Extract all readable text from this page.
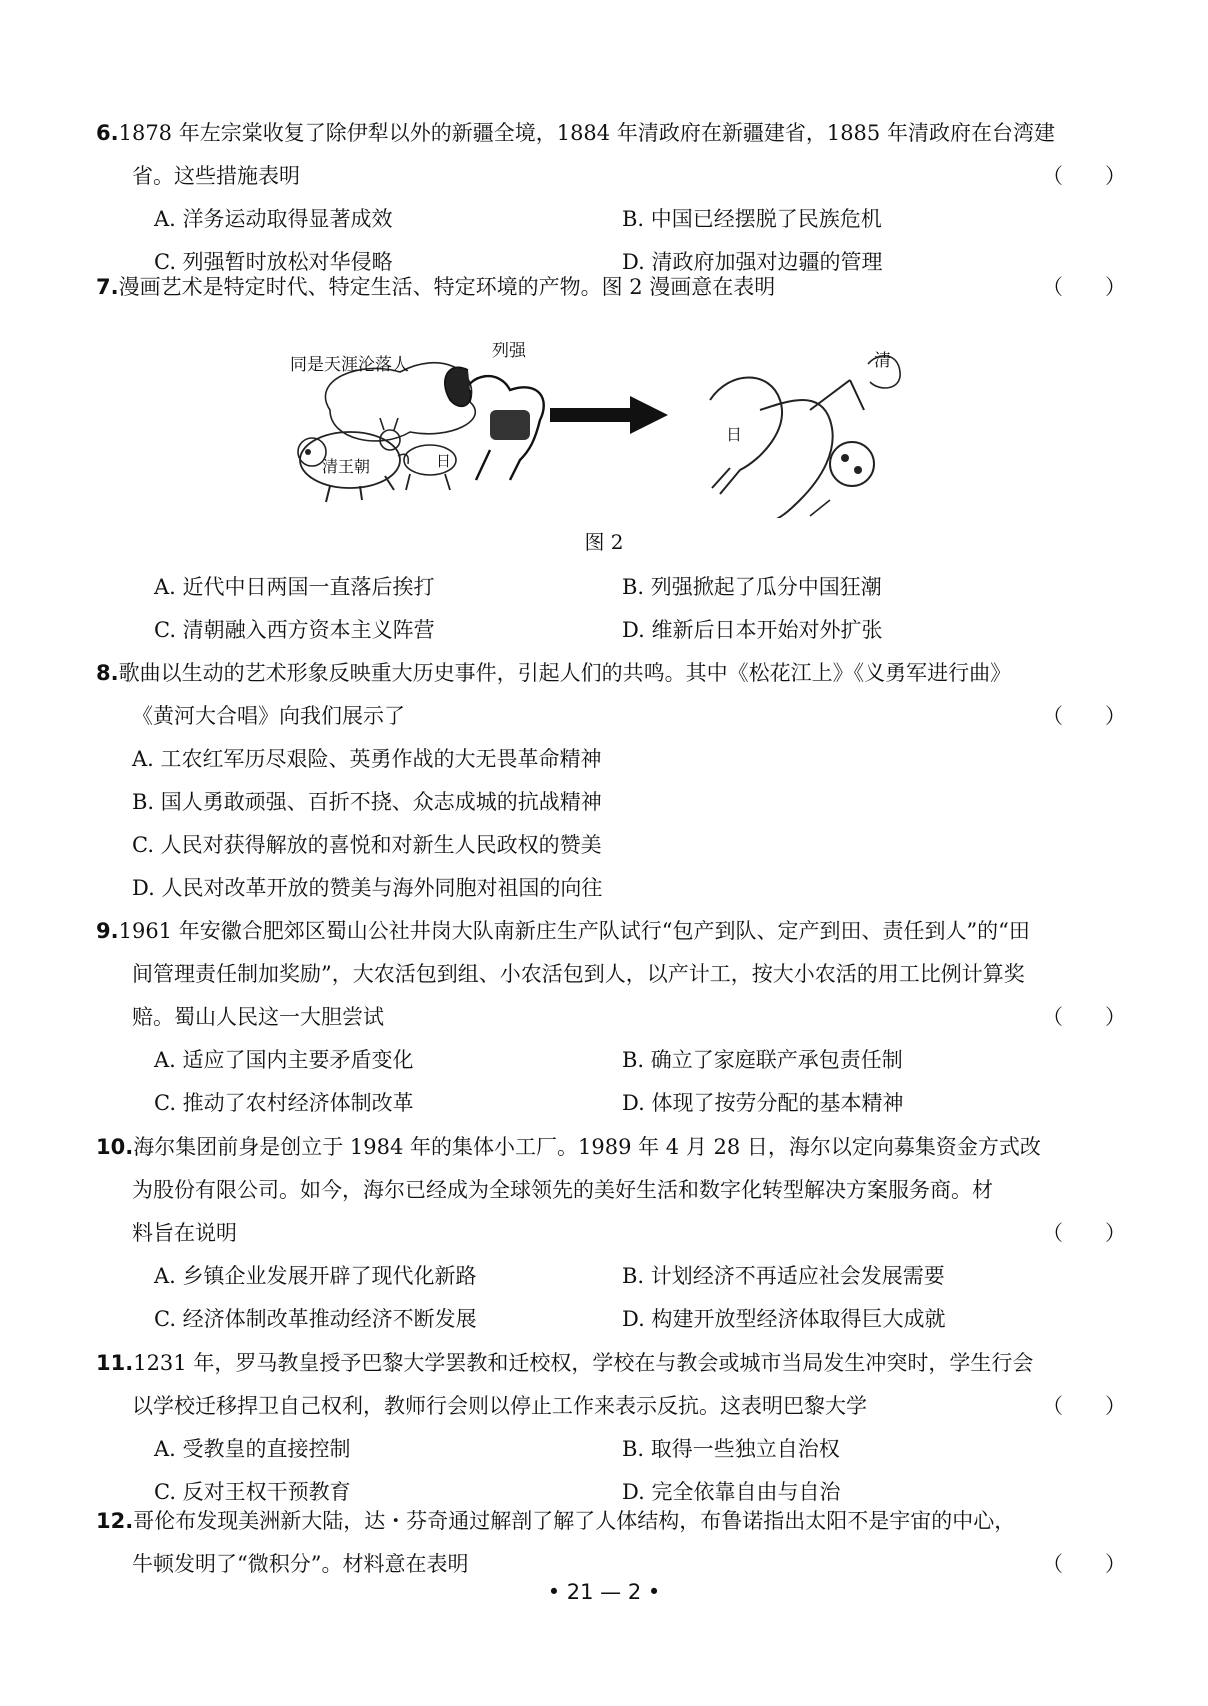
6.1878 年左宗棠收复了除伊犁以外的新疆全境，1884 年清政府在新疆建省，1885 年清政府在台湾建
省。这些措施表明	（　　）
A. 洋务运动取得显著成效	B. 中国已经摆脱了民族危机
C. 列强暂时放松对华侵略	D. 清政府加强对边疆的管理
7.漫画艺术是特定时代、特定生活、特定环境的产物。图 2 漫画意在表明	（　　）
同是天涯沦落人
清王朝	日
列强
日
清
图 2
A. 近代中日两国一直落后挨打	B. 列强掀起了瓜分中国狂潮
C. 清朝融入西方资本主义阵营	D. 维新后日本开始对外扩张
8.歌曲以生动的艺术形象反映重大历史事件，引起人们的共鸣。其中《松花江上》《义勇军进行曲》
《黄河大合唱》向我们展示了	（　　）
A. 工农红军历尽艰险、英勇作战的大无畏革命精神
B. 国人勇敢顽强、百折不挠、众志成城的抗战精神
C. 人民对获得解放的喜悦和对新生人民政权的赞美
D. 人民对改革开放的赞美与海外同胞对祖国的向往
9.1961 年安徽合肥郊区蜀山公社井岗大队南新庄生产队试行“包产到队、定产到田、责任到人”的“田
间管理责任制加奖励”，大农活包到组、小农活包到人，以产计工，按大小农活的用工比例计算奖
赔。蜀山人民这一大胆尝试	（　　）
A. 适应了国内主要矛盾变化	B. 确立了家庭联产承包责任制
C. 推动了农村经济体制改革	D. 体现了按劳分配的基本精神
10.海尔集团前身是创立于 1984 年的集体小工厂。1989 年 4 月 28 日，海尔以定向募集资金方式改
为股份有限公司。如今，海尔已经成为全球领先的美好生活和数字化转型解决方案服务商。材
料旨在说明	（　　）
A. 乡镇企业发展开辟了现代化新路	B. 计划经济不再适应社会发展需要
C. 经济体制改革推动经济不断发展	D. 构建开放型经济体取得巨大成就
11.1231 年，罗马教皇授予巴黎大学罢教和迁校权，学校在与教会或城市当局发生冲突时，学生行会
以学校迁移捍卫自己权利，教师行会则以停止工作来表示反抗。这表明巴黎大学	（　　）
A. 受教皇的直接控制	B. 取得一些独立自治权
C. 反对王权干预教育	D. 完全依靠自由与自治
12.哥伦布发现美洲新大陆，达・芬奇通过解剖了解了人体结构，布鲁诺指出太阳不是宇宙的中心，
牛顿发明了“微积分”。材料意在表明	（　　）
• 21 — 2 •
